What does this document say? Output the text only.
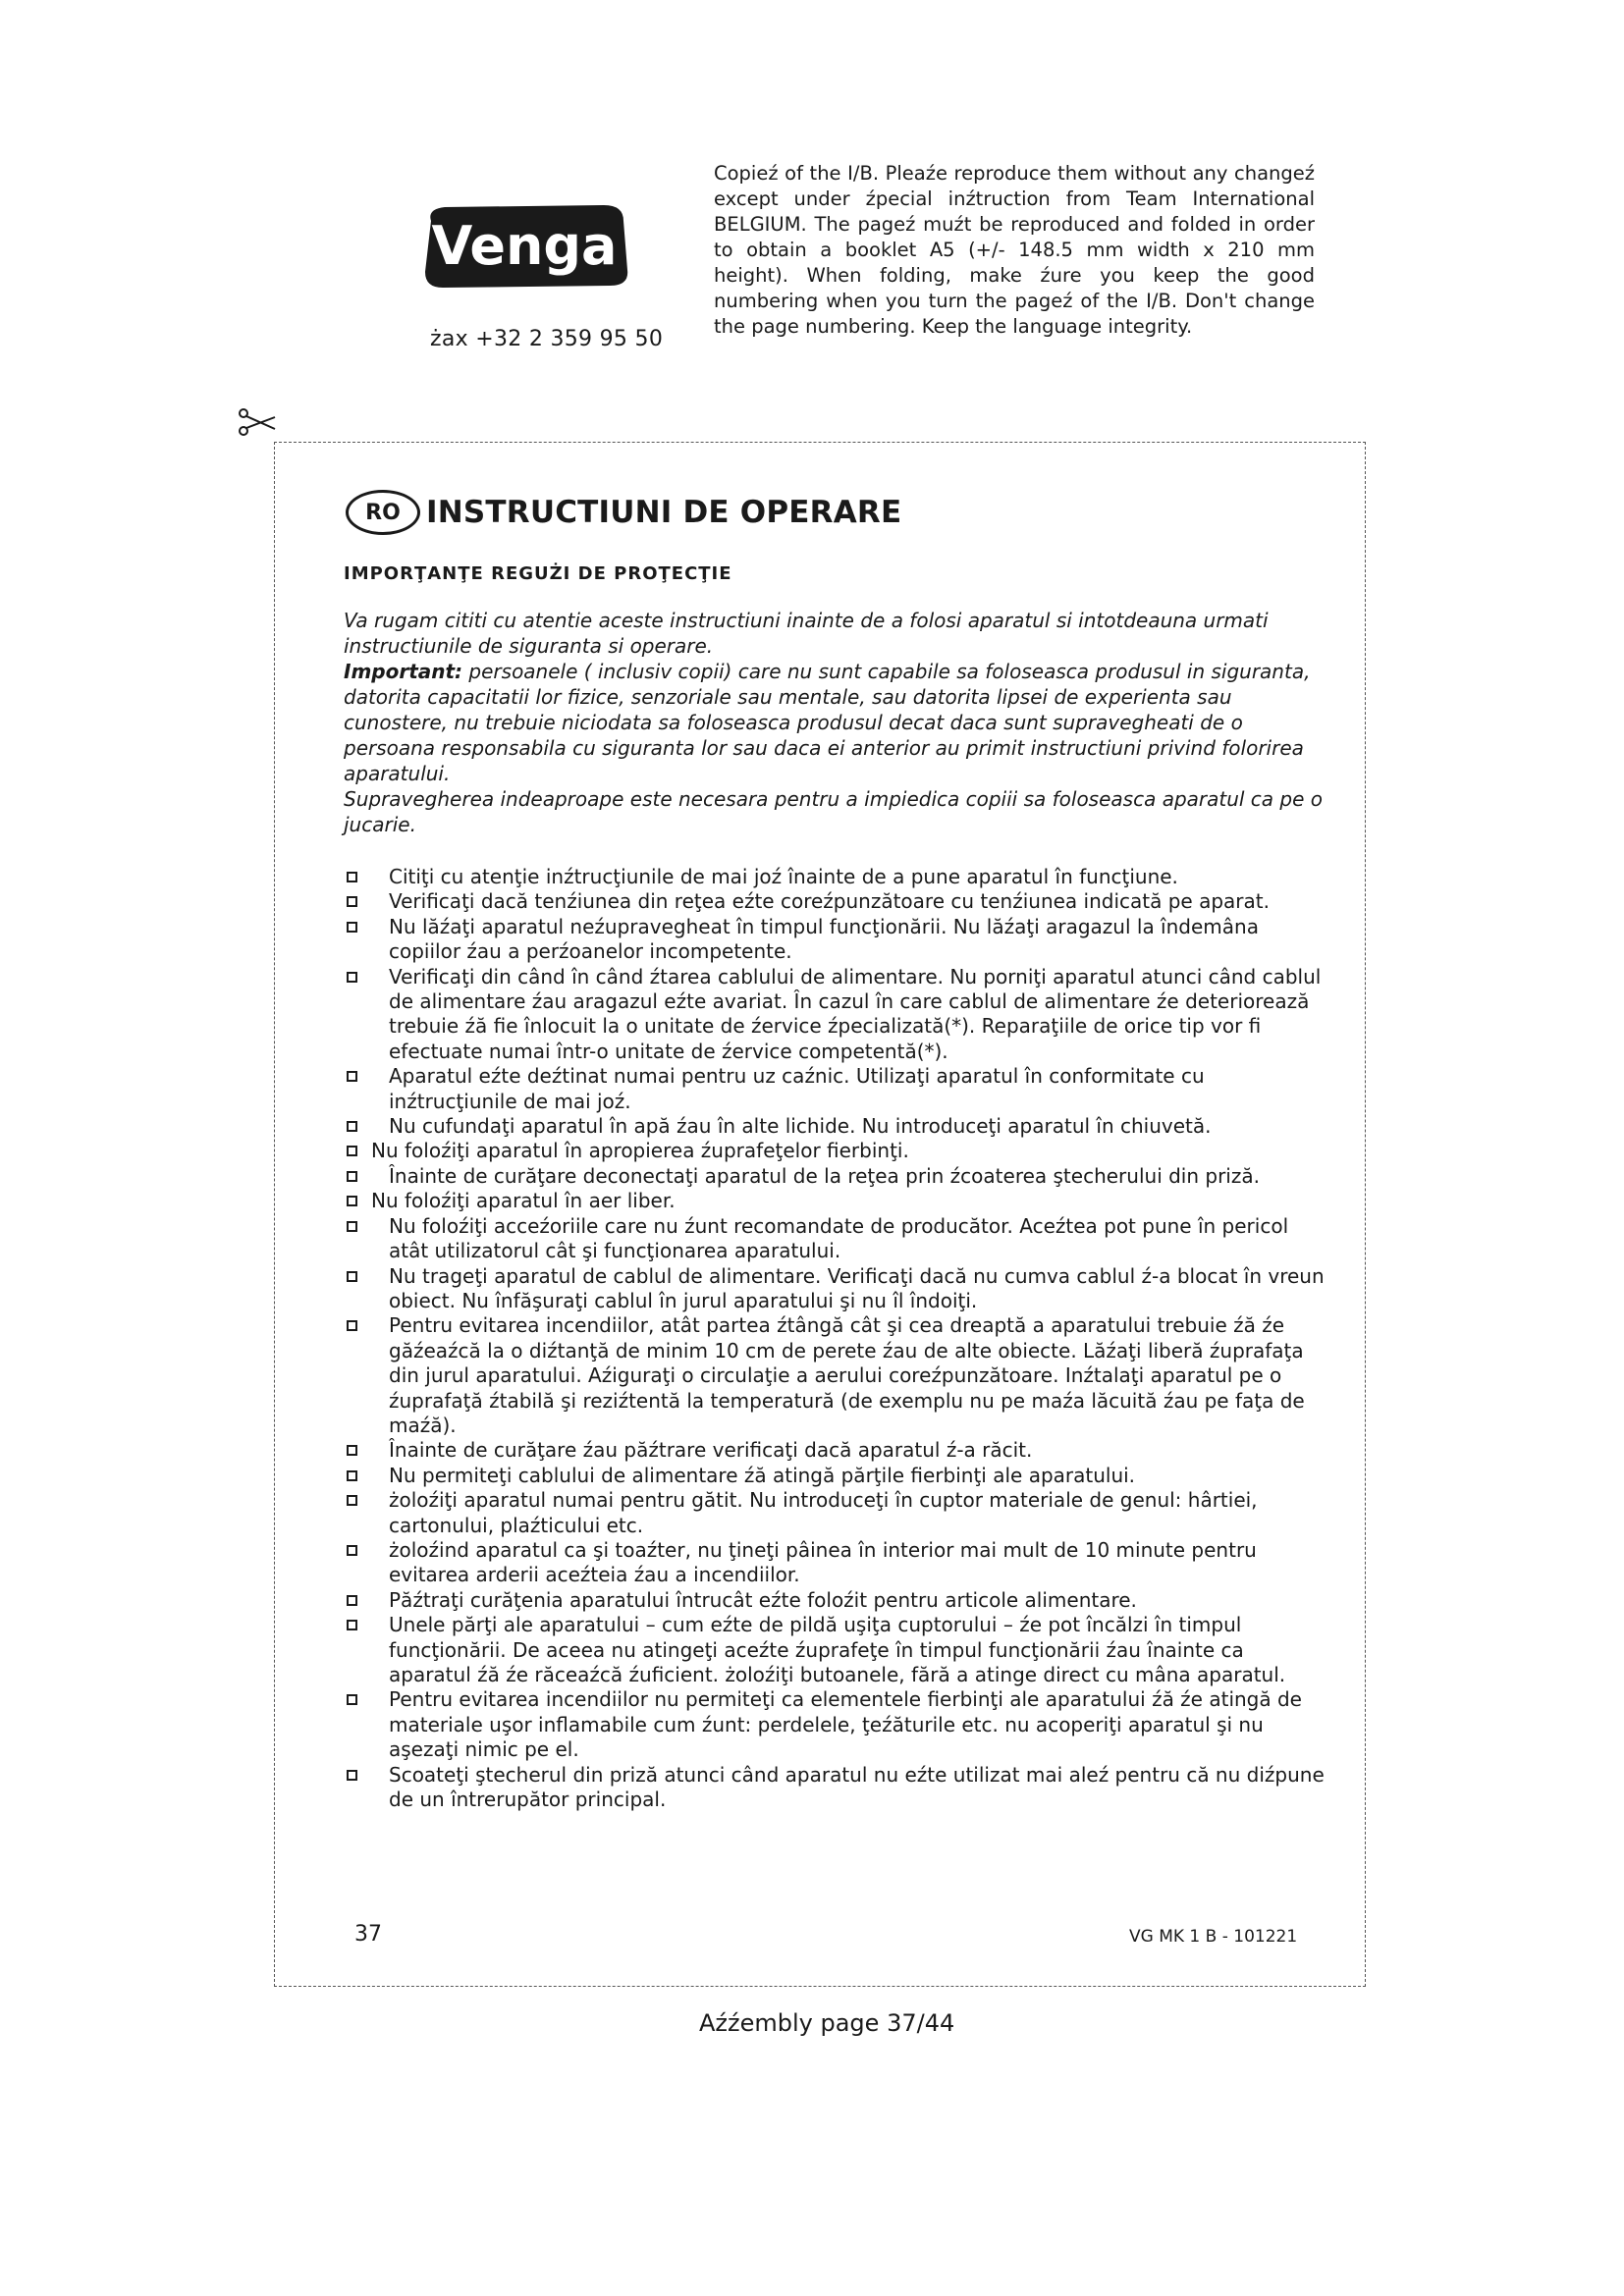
Venga
żax +32 2 359 95 50
Copieź of the I/B. Pleaźe reproduce them without any changeź except under źpecial inźtruction from Team International BELGIUM. The pageź muźt be reproduced and folded in order to obtain a booklet A5 (+/- 148.5 mm width x 210 mm height). When folding, make źure you keep the good numbering when you turn the pageź of the I/B. Don't change the page numbering. Keep the language integrity.
RO INSTRUCTIUNI DE OPERARE
IMPORŢANŢE REGUŻI DE PROŢECŢIE

Va rugam cititi cu atentie aceste instructiuni inainte de a folosi aparatul si intotdeauna urmati instructiunile de siguranta si operare.

Important: persoanele ( inclusiv copii) care nu sunt capabile sa foloseasca produsul in siguranta, datorita capacitatii lor fizice, senzoriale sau mentale, sau datorita lipsei de experienta sau cunostere, nu trebuie niciodata sa foloseasca produsul decat daca sunt supravegheati de o persoana responsabila cu siguranta lor sau daca ei anterior au primit instructiuni privind folorirea aparatului.

Supravegherea indeaproape este necesara pentru a impiedica copiii sa foloseasca aparatul ca pe o jucarie.

Citiţi cu atenţie inźtrucţiunile de mai joź înainte de a pune aparatul în funcţiune.
Verificaţi dacă tenźiunea din reţea eźte coreźpunzătoare cu tenźiunea indicată pe aparat.
Nu lăźaţi aparatul neźupravegheat în timpul funcţionării. Nu lăźaţi aragazul la îndemâna copiilor źau a perźoanelor incompetente.
Verificaţi din când în când źtarea cablului de alimentare. Nu porniţi aparatul atunci când cablul de alimentare źau aragazul eźte avariat. În cazul în care cablul de alimentare źe deteriorează trebuie źă fie înlocuit la o unitate de źervice źpecializată(*). Reparaţiile de orice tip vor fi efectuate numai într-o unitate de źervice competentă(*).
Aparatul eźte deźtinat numai pentru uz caźnic. Utilizaţi aparatul în conformitate cu inźtrucţiunile de mai joź.
Nu cufundaţi aparatul în apă źau în alte lichide. Nu introduceţi aparatul în chiuvetă.
Nu foloźiţi aparatul în apropierea źuprafeţelor fierbinţi.
Înainte de curăţare deconectaţi aparatul de la reţea prin źcoaterea ştecherului din priză.
Nu foloźiţi aparatul în aer liber.
Nu foloźiţi acceźoriile care nu źunt recomandate de producător. Aceźtea pot pune în pericol atât utilizatorul cât şi funcţionarea aparatului.
Nu trageţi aparatul de cablul de alimentare. Verificaţi dacă nu cumva cablul ź-a blocat în vreun obiect. Nu înfăşuraţi cablul în jurul aparatului şi nu îl îndoiţi.
Pentru evitarea incendiilor, atât partea źtângă cât şi cea dreaptă a aparatului trebuie źă źe găźeaźcă la o diźtanţă de minim 10 cm de perete źau de alte obiecte. Lăźaţi liberă źuprafaţa din jurul aparatului. Aźiguraţi o circulaţie a aerului coreźpunzătoare. Inźtalaţi aparatul pe o źuprafaţă źtabilă şi reziźtentă la temperatură (de exemplu nu pe maźa lăcuită źau pe faţa de maźă).
Înainte de curăţare źau păźtrare verificaţi dacă aparatul ź-a răcit.
Nu permiteţi cablului de alimentare źă atingă părţile fierbinţi ale aparatului.
żoloźiţi aparatul numai pentru gătit. Nu introduceţi în cuptor materiale de genul: hârtiei, cartonului, plaźticului etc.
żoloźind aparatul ca şi toaźter, nu ţineţi pâinea în interior mai mult de 10 minute pentru evitarea arderii aceźteia źau a incendiilor.
Păźtraţi curăţenia aparatului întrucât eźte foloźit pentru articole alimentare.
Unele părţi ale aparatului – cum eźte de pildă uşiţa cuptorului – źe pot încălzi în timpul funcţionării. De aceea nu atingeţi aceźte źuprafeţe în timpul funcţionării źau înainte ca aparatul źă źe răceaźcă źuficient. żoloźiţi butoanele, fără a atinge direct cu mâna aparatul.
Pentru evitarea incendiilor nu permiteţi ca elementele fierbinţi ale aparatului źă źe atingă de materiale uşor inflamabile cum źunt: perdelele, ţeźăturile etc. nu acoperiţi aparatul şi nu aşezaţi nimic pe el.
Scoateţi ştecherul din priză atunci când aparatul nu eźte utilizat mai aleź pentru că nu diźpune de un întrerupător principal.
37	VG MK 1 B - 101221
Aźźembly page 37/44
